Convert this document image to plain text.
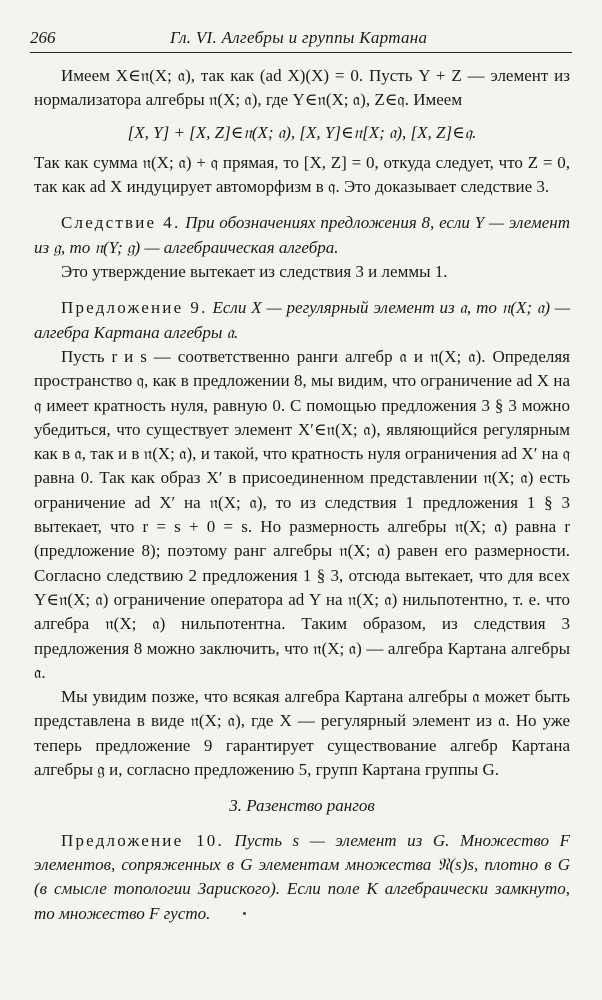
266	Гл. VI. Алгебры и группы Картана

Имеем X∈𝔫(X; 𝔞), так как (ad X)(X) = 0. Пусть Y + Z — элемент из нормализатора алгебры 𝔫(X; 𝔞), где Y∈𝔫(X; 𝔞), Z∈𝔮. Имеем

[X, Y] + [X, Z]∈𝔫(X; 𝔞), [X, Y]∈𝔫[X; 𝔞), [X, Z]∈𝔮.

Так как сумма 𝔫(X; 𝔞) + 𝔮 прямая, то [X, Z] = 0, откуда следует, что Z = 0, так как ad X индуцирует автоморфизм в 𝔮. Это доказывает следствие 3.

Следствие 4. При обозначениях предложения 8, если Y — элемент из 𝔤, то 𝔫(Y; 𝔤) — алгебраическая алгебра.

Это утверждение вытекает из следствия 3 и леммы 1.

Предложение 9. Если X — регулярный элемент из 𝔞, то 𝔫(X; 𝔞) — алгебра Картана алгебры 𝔞.

Пусть r и s — соответственно ранги алгебр 𝔞 и 𝔫(X; 𝔞). Определяя пространство 𝔮, как в предложении 8, мы видим, что ограничение ad X на 𝔮 имеет кратность нуля, равную 0. С помощью предложения 3 § 3 можно убедиться, что существует элемент X′∈𝔫(X; 𝔞), являющийся регулярным как в 𝔞, так и в 𝔫(X; 𝔞), и такой, что кратность нуля ограничения ad X′ на 𝔮 равна 0. Так как образ X′ в присоединенном представлении 𝔫(X; 𝔞) есть ограничение ad X′ на 𝔫(X; 𝔞), то из следствия 1 предложения 1 § 3 вытекает, что r = s + 0 = s. Но размерность алгебры 𝔫(X; 𝔞) равна r (предложение 8); поэтому ранг алгебры 𝔫(X; 𝔞) равен его размерности. Согласно следствию 2 предложения 1 § 3, отсюда вытекает, что для всех Y∈𝔫(X; 𝔞) ограничение оператора ad Y на 𝔫(X; 𝔞) нильпотентно, т. е. что алгебра 𝔫(X; 𝔞) нильпотентна. Таким образом, из следствия 3 предложения 8 можно заключить, что 𝔫(X; 𝔞) — алгебра Картана алгебры 𝔞.

Мы увидим позже, что всякая алгебра Картана алгебры 𝔞 может быть представлена в виде 𝔫(X; 𝔞), где X — регулярный элемент из 𝔞. Но уже теперь предложение 9 гарантирует существование алгебр Картана алгебры 𝔤 и, согласно предложению 5, групп Картана группы G.

3. Разенство рангов

Предложение 10. Пусть s — элемент из G. Множество F элементов, сопряженных в G элементам множества 𝔑(s)s, плотно в G (в смысле топологии Зариского). Если поле K алгебраически замкнуто, то множество F густо.
